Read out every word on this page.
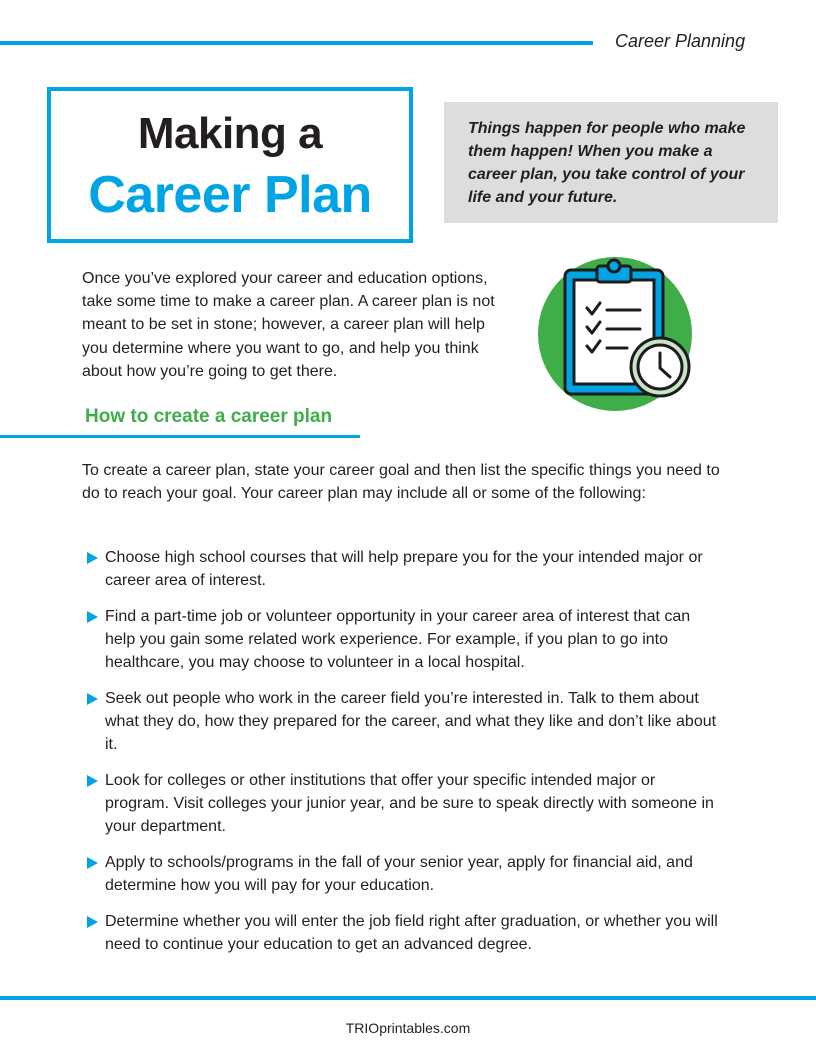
Career Planning
Making a
Career Plan
Things happen for people who make them happen! When you make a career plan, you take control of your life and your future.
Once you’ve explored your career and education options, take some time to make a career plan. A career plan is not meant to be set in stone; however, a career plan will help you determine where you want to go, and help you think about how you’re going to get there.
How to create a career plan
To create a career plan, state your career goal and then list the specific things you need to do to reach your goal. Your career plan may include all or some of the following:
Choose high school courses that will help prepare you for the your intended major or career area of interest.
Find a part-time job or volunteer opportunity in your career area of interest that can help you gain some related work experience. For example, if you plan to go into healthcare, you may choose to volunteer in a local hospital.
Seek out people who work in the career field you’re interested in. Talk to them about what they do, how they prepared for the career, and what they like and don’t like about it.
Look for colleges or other institutions that offer your specific intended major or program. Visit colleges your junior year, and be sure to speak directly with someone in your department.
Apply to schools/programs in the fall of your senior year, apply for financial aid, and determine how you will pay for your education.
Determine whether you will enter the job field right after graduation, or whether you will need to continue your education to get an advanced degree.
TRIOprintables.com
